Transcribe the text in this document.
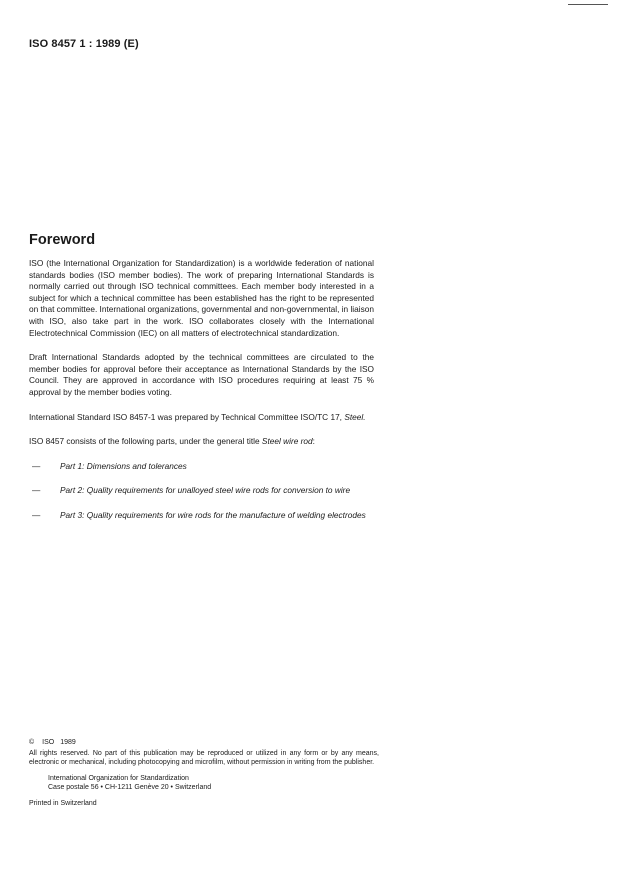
ISO 8457 1 : 1989 (E)
Foreword

ISO (the International Organization for Standardization) is a worldwide federation of national standards bodies (ISO member bodies). The work of preparing International Standards is normally carried out through ISO technical committees. Each member body interested in a subject for which a technical committee has been established has the right to be represented on that committee. International organizations, governmental and non-governmental, in liaison with ISO, also take part in the work. ISO collaborates closely with the International Electrotechnical Commission (IEC) on all matters of electrotechnical standardization.

Draft International Standards adopted by the technical committees are circulated to the member bodies for approval before their acceptance as International Standards by the ISO Council. They are approved in accordance with ISO procedures requiring at least 75 % approval by the member bodies voting.

International Standard ISO 8457-1 was prepared by Technical Committee ISO/TC 17, Steel.

ISO 8457 consists of the following parts, under the general title Steel wire rod:

— Part 1: Dimensions and tolerances
— Part 2: Quality requirements for unalloyed steel wire rods for conversion to wire
— Part 3: Quality requirements for wire rods for the manufacture of welding electrodes
© ISO 1989
All rights reserved. No part of this publication may be reproduced or utilized in any form or by any means, electronic or mechanical, including photocopying and microfilm, without permission in writing from the publisher.
International Organization for Standardization
Case postale 56 • CH-1211 Genève 20 • Switzerland
Printed in Switzerland
